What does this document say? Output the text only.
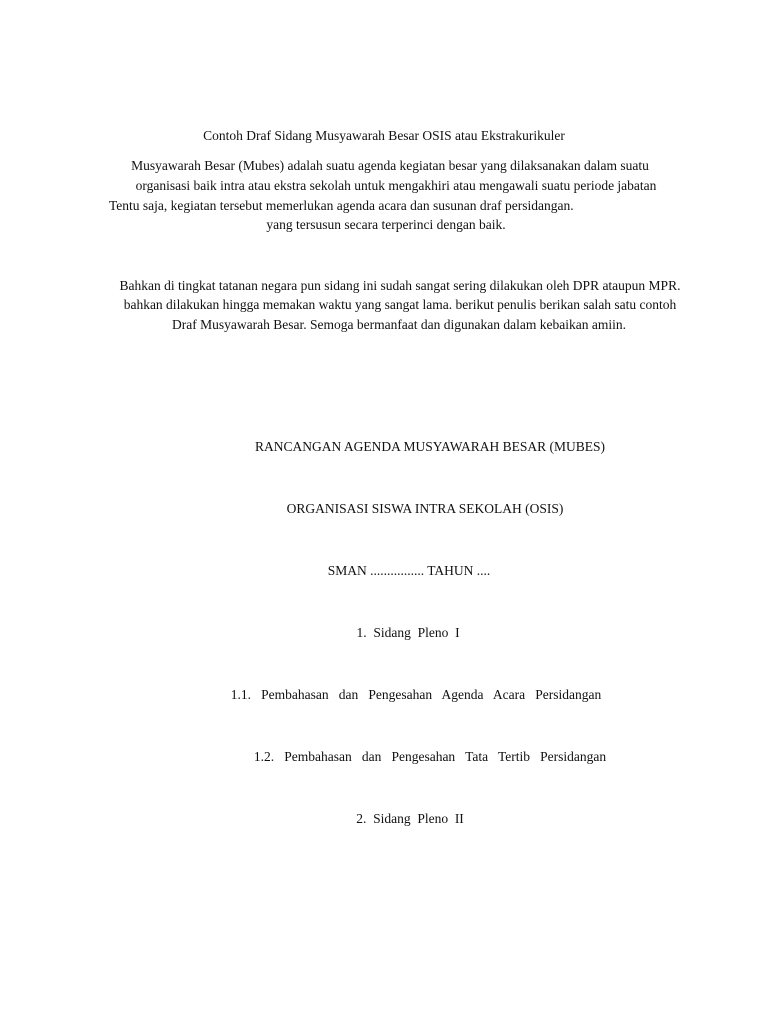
Contoh Draf Sidang Musyawarah Besar OSIS atau Ekstrakurikuler
Musyawarah Besar (Mubes) adalah suatu agenda kegiatan besar yang dilaksanakan dalam suatu
organisasi baik intra atau ekstra sekolah untuk mengakhiri atau mengawali suatu periode jabatan
Tentu saja, kegiatan tersebut memerlukan agenda acara dan susunan draf persidangan.
yang tersusun secara terperinci dengan baik.
Bahkan di tingkat tatanan negara pun sidang ini sudah sangat sering dilakukan oleh DPR ataupun MPR.
bahkan dilakukan hingga memakan waktu yang sangat lama. berikut penulis berikan salah satu contoh
Draf Musyawarah Besar. Semoga bermanfaat dan digunakan dalam kebaikan amiin.
RANCANGAN AGENDA MUSYAWARAH BESAR (MUBES)
ORGANISASI SISWA INTRA SEKOLAH (OSIS)
SMAN ................ TAHUN ....
1.  Sidang  Pleno  I
1.1.   Pembahasan   dan   Pengesahan   Agenda   Acara   Persidangan
1.2.   Pembahasan   dan   Pengesahan   Tata   Tertib   Persidangan
2.  Sidang  Pleno  II
